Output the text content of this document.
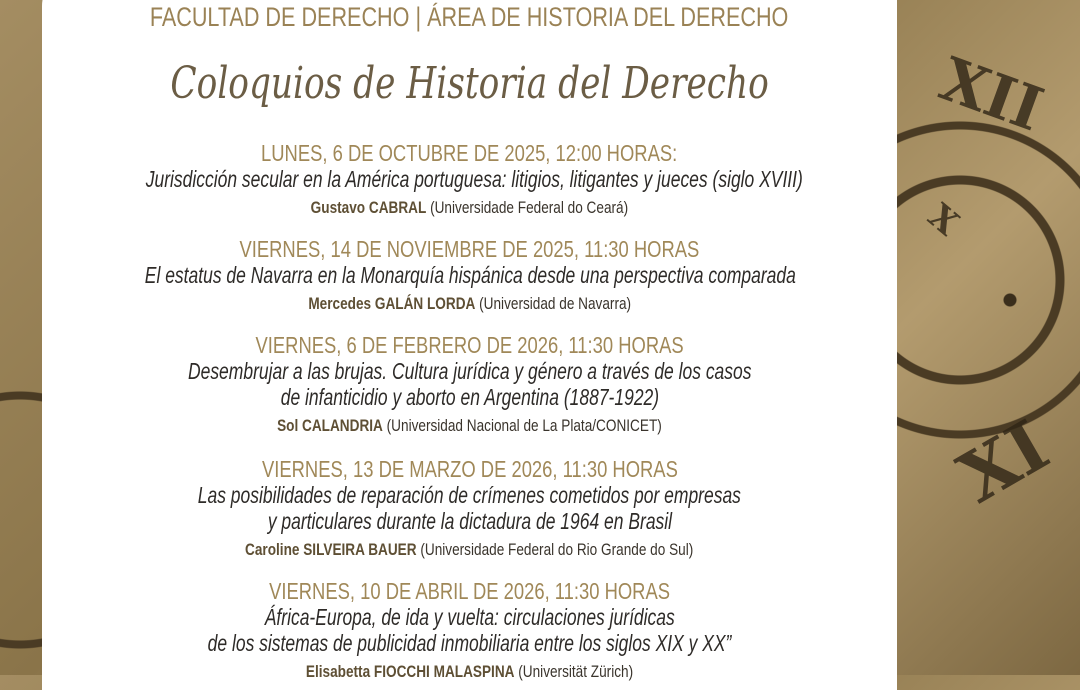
XII
XI
X
FACULTAD DE DERECHO | ÁREA DE HISTORIA DEL DERECHO
Coloquios de Historia del Derecho
LUNES, 6 DE OCTUBRE DE 2025, 12:00 HORAS:
Jurisdicción secular en la América portuguesa: litigios, litigantes y jueces (siglo XVIII)
Gustavo CABRAL (Universidade Federal do Ceará)
VIERNES, 14 DE NOVIEMBRE DE 2025, 11:30 HORAS
El estatus de Navarra en la Monarquía hispánica desde una perspectiva comparada
Mercedes GALÁN LORDA (Universidad de Navarra)
VIERNES, 6 DE FEBRERO DE 2026, 11:30 HORAS
Desembrujar a las brujas. Cultura jurídica y género a través de los casos
de infanticidio y aborto en Argentina (1887-1922)
Sol CALANDRIA (Universidad Nacional de La Plata/CONICET)
VIERNES, 13 DE MARZO DE 2026, 11:30 HORAS
Las posibilidades de reparación de crímenes cometidos por empresas
y particulares durante la dictadura de 1964 en Brasil
Caroline SILVEIRA BAUER (Universidade Federal do Rio Grande do Sul)
VIERNES, 10 DE ABRIL DE 2026, 11:30 HORAS
África-Europa, de ida y vuelta: circulaciones jurídicas
de los sistemas de publicidad inmobiliaria entre los siglos XIX y XX”
Elisabetta FIOCCHI MALASPINA (Universität Zürich)
